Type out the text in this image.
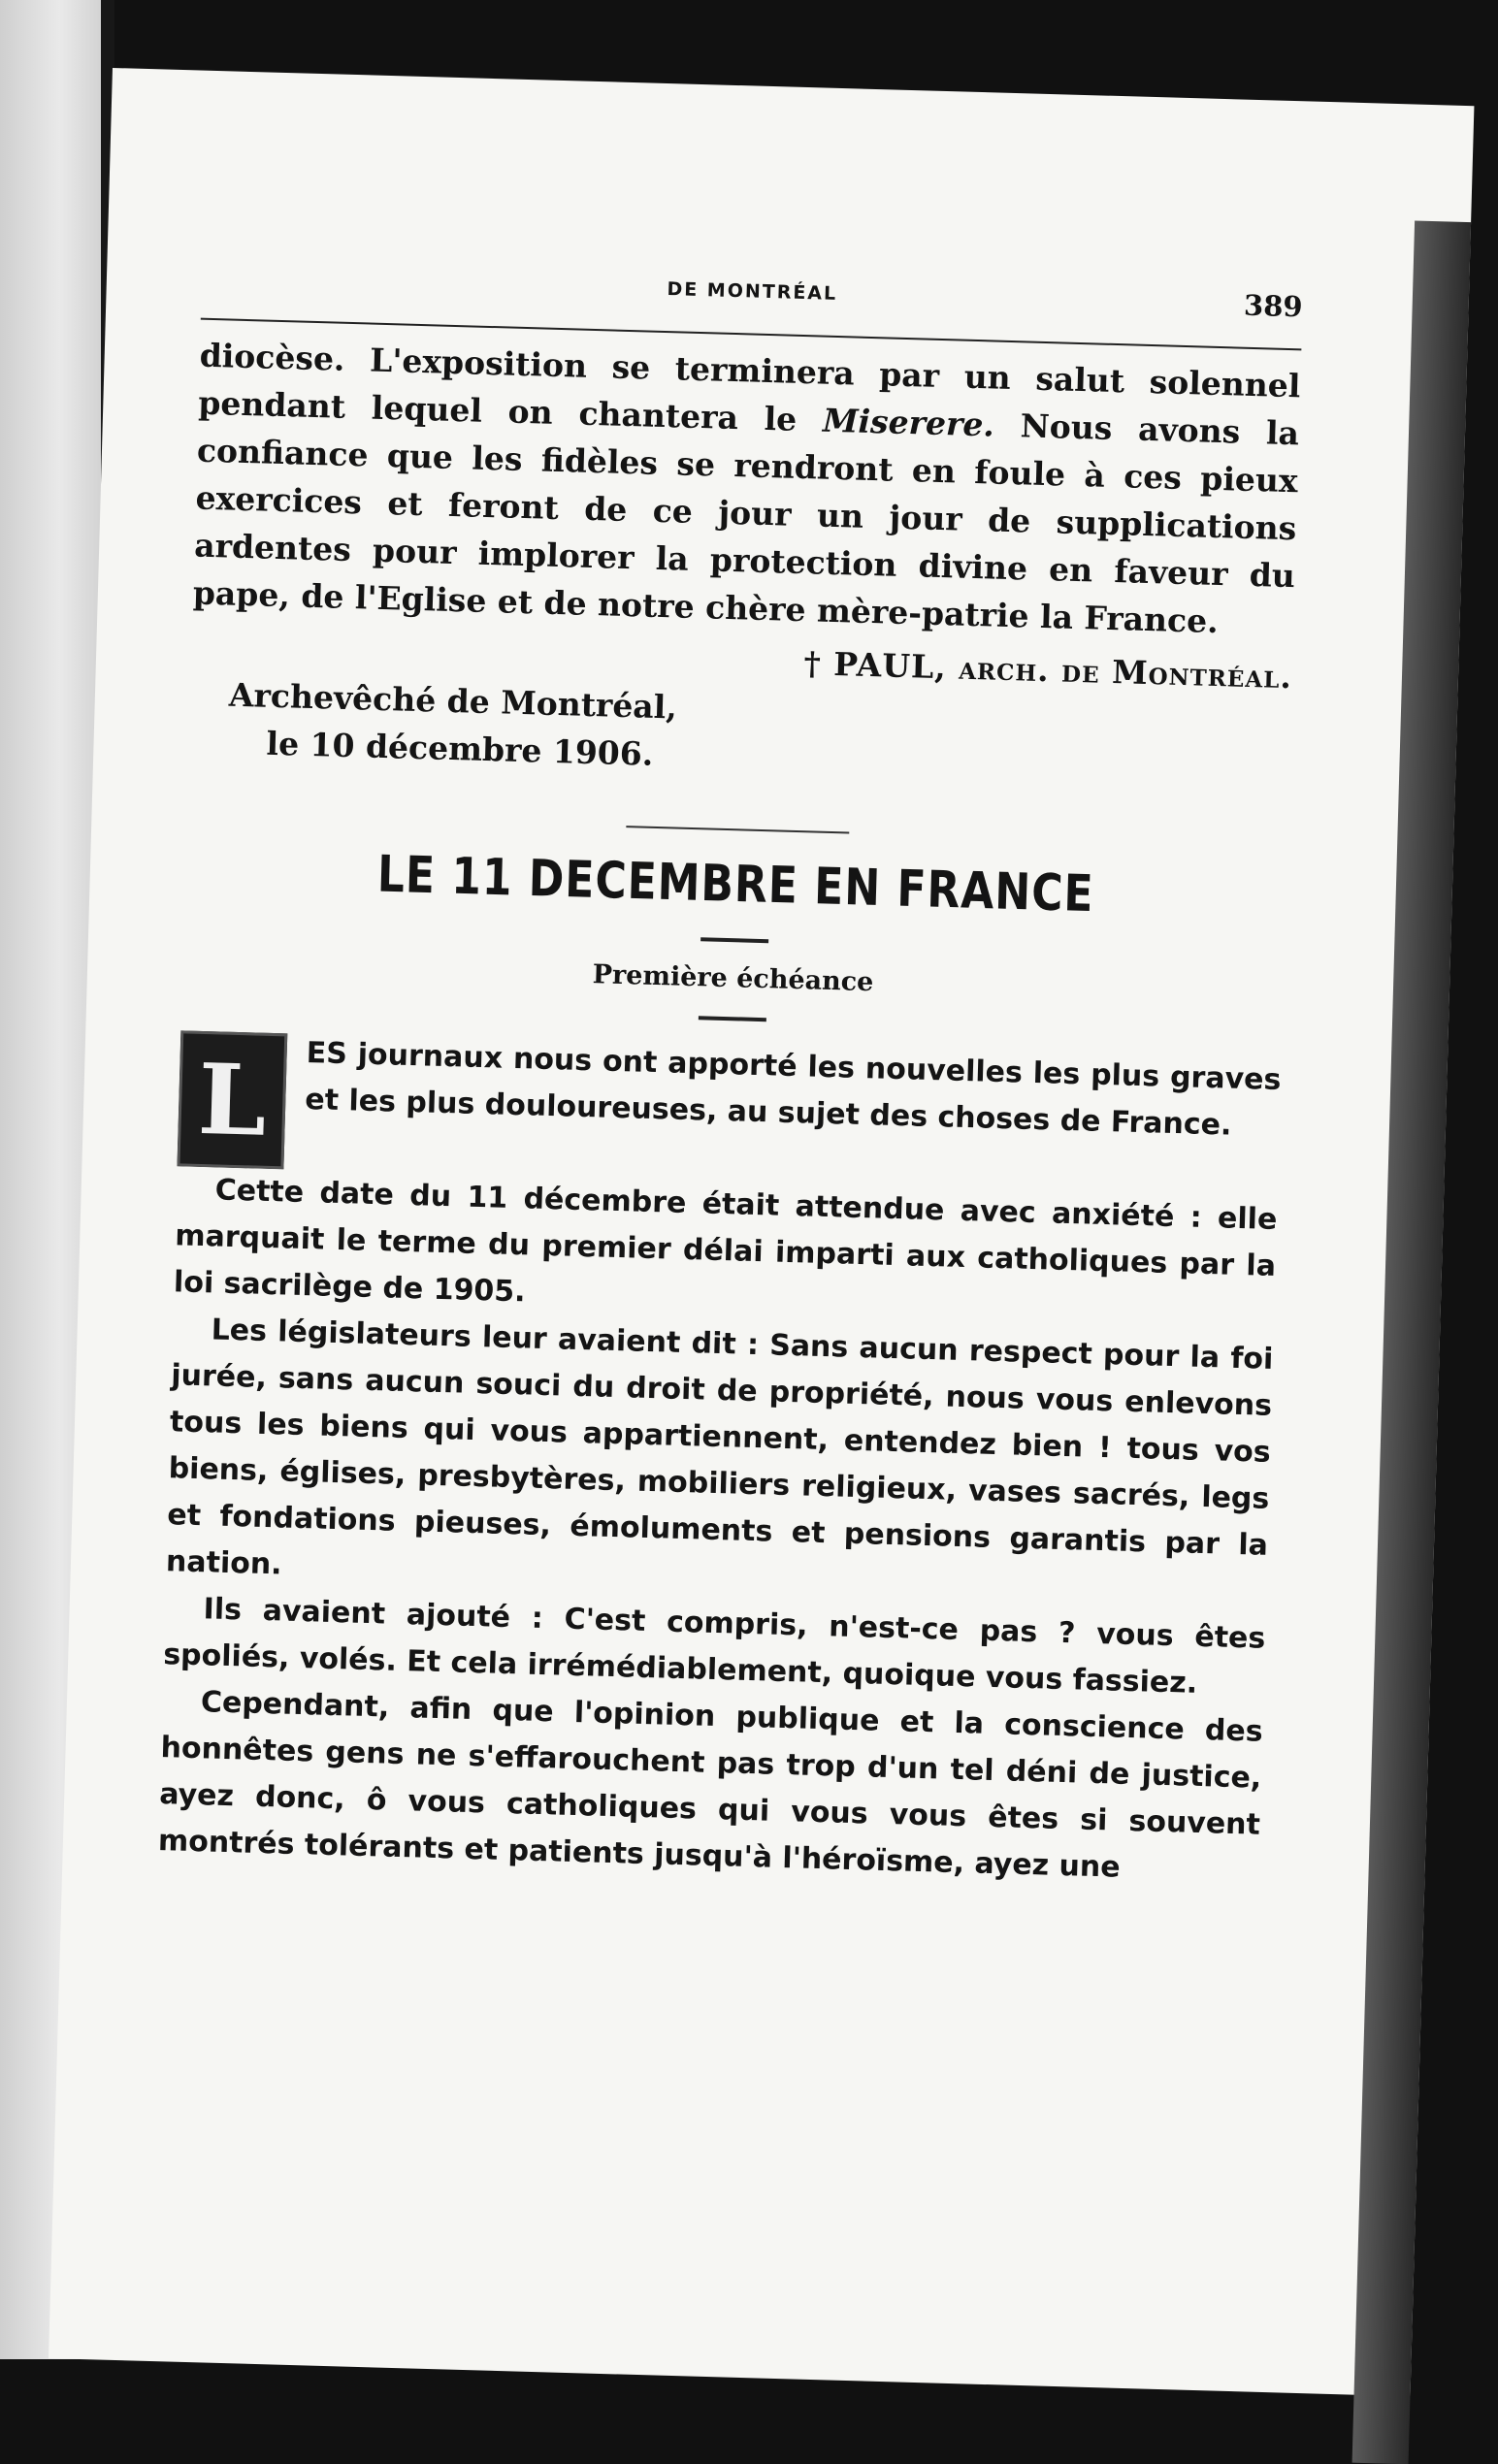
DE MONTRÉAL	389

diocèse. L'exposition se terminera par un salut solennel pendant lequel on chantera le Miserere. Nous avons la confiance que les fidèles se rendront en foule à ces pieux exercices et feront de ce jour un jour de supplications ardentes pour implorer la protection divine en faveur du pape, de l'Eglise et de notre chère mère-patrie la France.

† PAUL, arch. de Montréal.
Archevêché de Montréal,
le 10 décembre 1906.
LE 11 DECEMBRE EN FRANCE
Première échéance
L	ES journaux nous ont apporté les nouvelles les plus graves et les plus douloureuses, au sujet des choses de France.

Cette date du 11 décembre était attendue avec anxiété : elle marquait le terme du premier délai imparti aux catholiques par la loi sacrilège de 1905.

Les législateurs leur avaient dit : Sans aucun respect pour la foi jurée, sans aucun souci du droit de propriété, nous vous enlevons tous les biens qui vous appartiennent, entendez bien ! tous vos biens, églises, presbytères, mobiliers religieux, vases sacrés, legs et fondations pieuses, émoluments et pensions garantis par la nation.

Ils avaient ajouté : C'est compris, n'est-ce pas ? vous êtes spoliés, volés. Et cela irrémédiablement, quoique vous fassiez.

Cependant, afin que l'opinion publique et la conscience des honnêtes gens ne s'effarouchent pas trop d'un tel déni de justice, ayez donc, ô vous catholiques qui vous vous êtes si souvent montrés tolérants et patients jusqu'à l'héroïsme, ayez une
